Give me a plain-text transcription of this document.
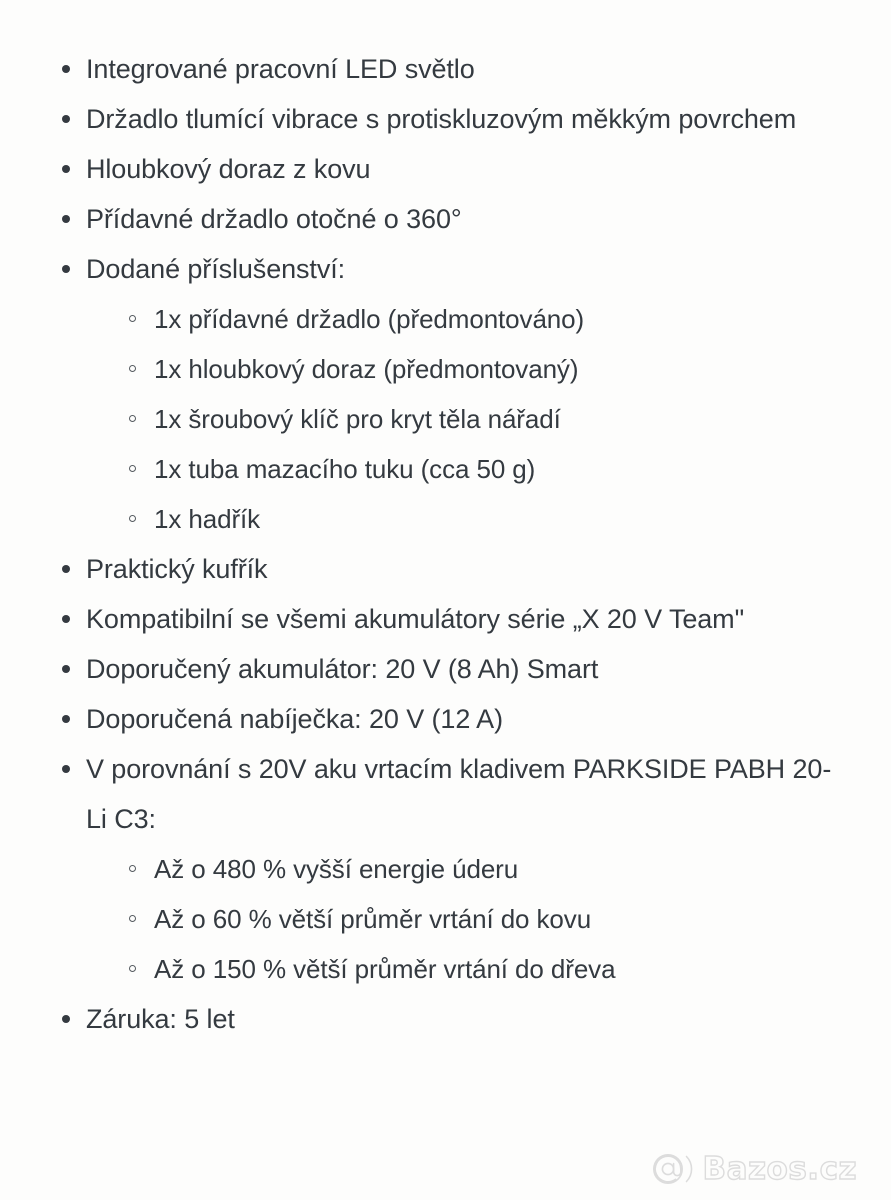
Integrované pracovní LED světlo
Držadlo tlumící vibrace s protiskluzovým měkkým povrchem
Hloubkový doraz z kovu
Přídavné držadlo otočné o 360°
Dodané příslušenství:
1x přídavné držadlo (předmontováno)
1x hloubkový doraz (předmontovaný)
1x šroubový klíč pro kryt těla nářadí
1x tuba mazacího tuku (cca 50 g)
1x hadřík
Praktický kufřík
Kompatibilní se všemi akumulátory série „X 20 V Team"
Doporučený akumulátor: 20 V (8 Ah) Smart
Doporučená nabíječka: 20 V (12 A)
V porovnání s 20V aku vrtacím kladivem PARKSIDE PABH 20-Li C3:
Až o 480 % vyšší energie úderu
Až o 60 % větší průměr vrtání do kovu
Až o 150 % větší průměr vrtání do dřeva
Záruka: 5 let
Bazos.cz
